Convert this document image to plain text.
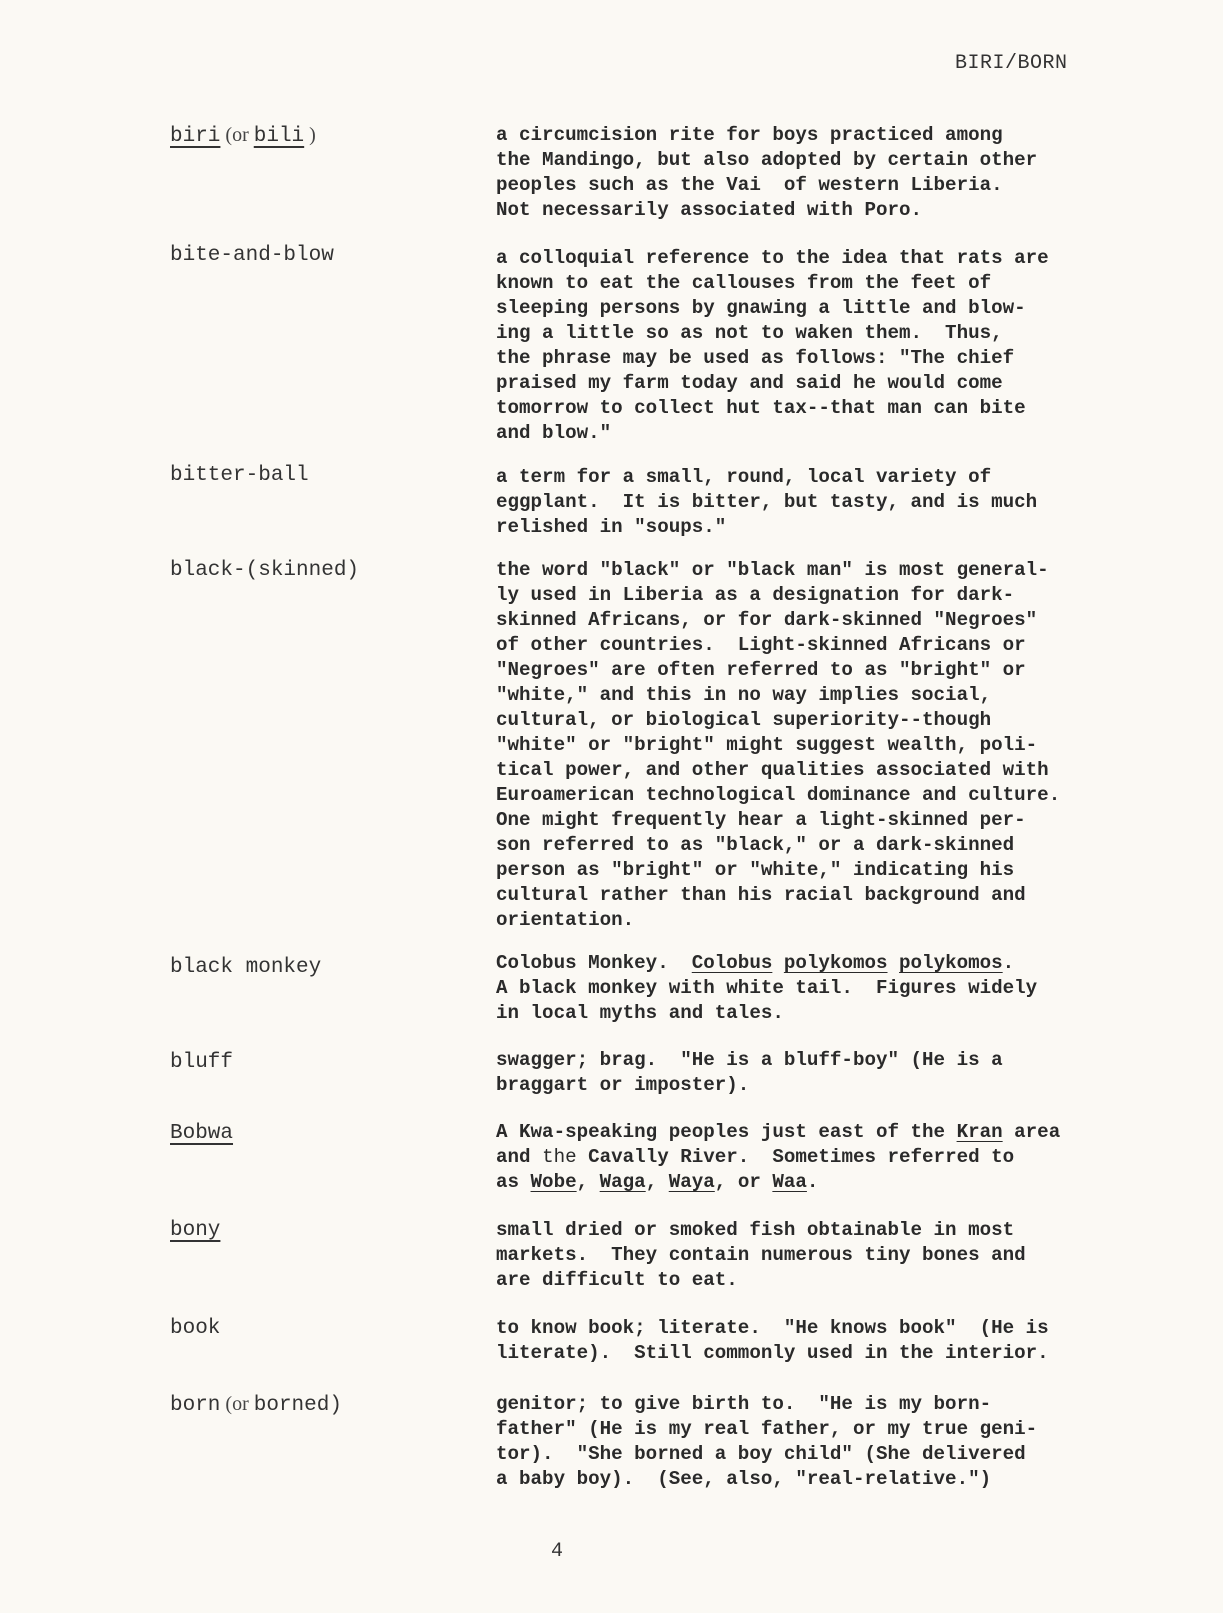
BIRI/BORN
biri (or bili )	a circumcision rite for boys practiced among
the Mandingo, but also adopted by certain other
peoples such as the Vai  of western Liberia.
Not necessarily associated with Poro.
bite-and-blow	a colloquial reference to the idea that rats are
known to eat the callouses from the feet of
sleeping persons by gnawing a little and blow-
ing a little so as not to waken them.  Thus,
the phrase may be used as follows: "The chief
praised my farm today and said he would come
tomorrow to collect hut tax--that man can bite
and blow."
bitter-ball	a term for a small, round, local variety of
eggplant.  It is bitter, but tasty, and is much
relished in "soups."
black-(skinned)	the word "black" or "black man" is most general-
ly used in Liberia as a designation for dark-
skinned Africans, or for dark-skinned "Negroes"
of other countries.  Light-skinned Africans or
"Negroes" are often referred to as "bright" or
"white," and this in no way implies social,
cultural, or biological superiority--though
"white" or "bright" might suggest wealth, poli-
tical power, and other qualities associated with
Euroamerican technological dominance and culture.
One might frequently hear a light-skinned per-
son referred to as "black," or a dark-skinned
person as "bright" or "white," indicating his
cultural rather than his racial background and
orientation.
black monkey	Colobus Monkey.  Colobus polykomos polykomos.
A black monkey with white tail.  Figures widely
in local myths and tales.
bluff	swagger; brag.  "He is a bluff-boy" (He is a
braggart or imposter).
Bobwa	A Kwa-speaking peoples just east of the Kran area
and the Cavally River.  Sometimes referred to
as Wobe, Waga, Waya, or Waa.
bony	small dried or smoked fish obtainable in most
markets.  They contain numerous tiny bones and
are difficult to eat.
book	to know book; literate.  "He knows book"  (He is
literate).  Still commonly used in the interior.
born (or borned)	genitor; to give birth to.  "He is my born-
father" (He is my real father, or my true geni-
tor).  "She borned a boy child" (She delivered
a baby boy).  (See, also, "real-relative.")
4
